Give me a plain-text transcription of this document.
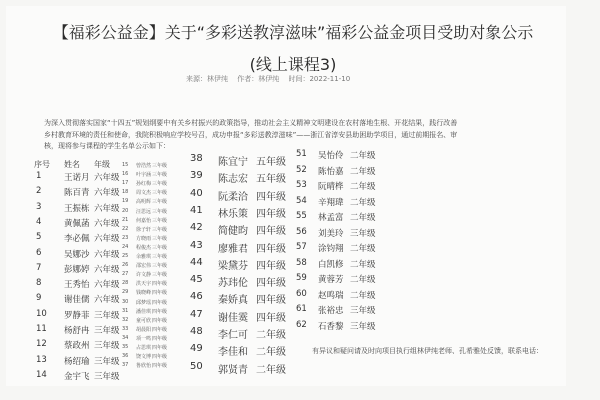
【福彩公益金】关于“多彩送教淳滋味”福彩公益金项目受助对象公示
(线上课程3)
来源：林伊纯 作者：林伊纯 时间：2022-11-10

为深入贯彻落实国家“十四五”规划纲要中有关乡村振兴的政策指导，推动社会主义精神文明建设在农村落地生根、开花结果，践行改善

乡村教育环境的责任和使命，我院积极响应学校号召，成功申报“多彩送教淳滋味”——浙江省淳安县助困助学项目，通过前期报名、审

核，现将参与课程的学生名单公示如下：

序号 姓名 年级
1	王诺月 六年级
2	陈百青 六年级
3	王振栋 六年级
4	黄佩菡 六年级
5	李必佩 六年级
6	吴娜沙 六年级
7	彭娜婷 六年级
8	王秀怡 六年级
9	谢佳儒 六年级
10 罗静菲 三年级
11 杨舒冉 三年级
12 蔡政州 三年级
13 杨绍瑜 三年级
14 金宇飞 三年级
15 曾浩然 三年级
16 叶宇涵 三年级
17 孙红梅 三年级
18 周文杰 三年级
19 高明辉 三年级
20 汪思远 三年级
21 何嘉怡 三年级
22 徐子轩 三年级
23 方晓雨 三年级
24 程俊杰 三年级
25 余雅琪 三年级
26 邵宏伟 三年级
27 许文静 三年级
28 洪天宇 四年级
29 钱晓峰 四年级
30 邱梦瑶 四年级
31 潘佳琪 四年级
32 童可欣 四年级
33 胡晨阳 四年级
34 项一鸣 四年级
35 占思琪 四年级
36 饶文博 四年级
37 鲁欣怡 四年级
38 陈宜宁 五年级
39 陈志宏 五年级
40 阮柔洽 四年级
41 林乐策 四年级
42 简健昀 四年级
43 廖雅君 四年级
44 梁黛芬 四年级
45 苏玮伦 四年级
46 秦娇真 四年级
47 谢佳霙 四年级
48 李仁可 二年级
49 李佳和 二年级
50 郭贤青 二年级
51 吴怡伶 二年级
52 陈怡嘉 二年级
53 阮晴桦 二年级
54 辛翔瑋 二年级
55 林孟富 二年级
56 刘美玲 三年级
57 涂钧翔 二年级
58 白凯修 二年级
59 黄蓉芳 二年级
60 赵鸣瑞 二年级
61 张裕忠 三年级
62 石香黎 三年级
有异议和疑问请及时向项目执行组林伊纯老师、孔希雅处反馈，联系电话：
